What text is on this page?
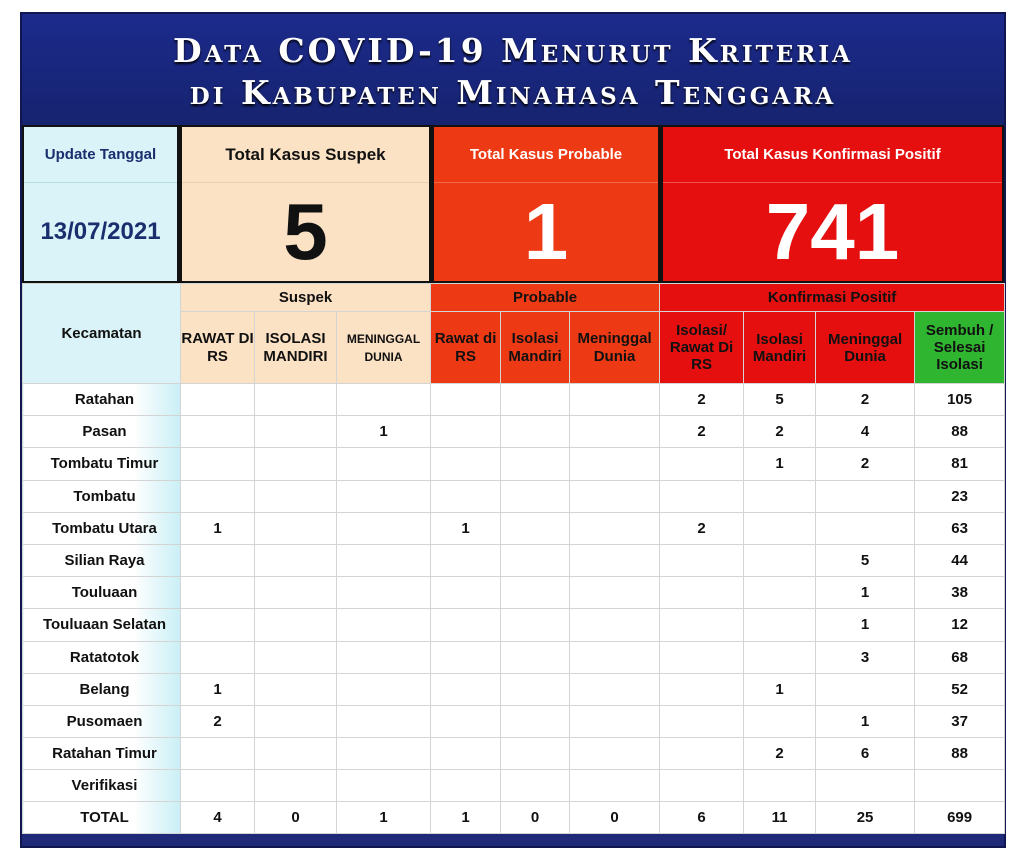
Data COVID-19 Menurut Kriteria
di Kabupaten Minahasa Tenggara
Update Tanggal
13/07/2021
Total Kasus Suspek
5
Total Kasus Probable
1
Total Kasus Konfirmasi Positif
741
Kecamatan	Suspek			Probable			Konfirmasi Positif			
	RAWAT DI RS	ISOLASI MANDIRI	MENINGGAL DUNIA	Rawat di RS	Isolasi Mandiri	Meninggal Dunia	Isolasi/ Rawat Di RS	Isolasi Mandiri	Meninggal Dunia	Sembuh / Selesai Isolasi
Ratahan							2	5	2	105
Pasan			1				2	2	4	88
Tombatu Timur								1	2	81
Tombatu										23
Tombatu Utara	1			1			2			63
Silian Raya									5	44
Touluaan									1	38
Touluaan Selatan									1	12
Ratatotok									3	68
Belang	1							1		52
Pusomaen	2								1	37
Ratahan Timur								2	6	88
Verifikasi										
TOTAL	4	0	1	1	0	0	6	11	25	699
